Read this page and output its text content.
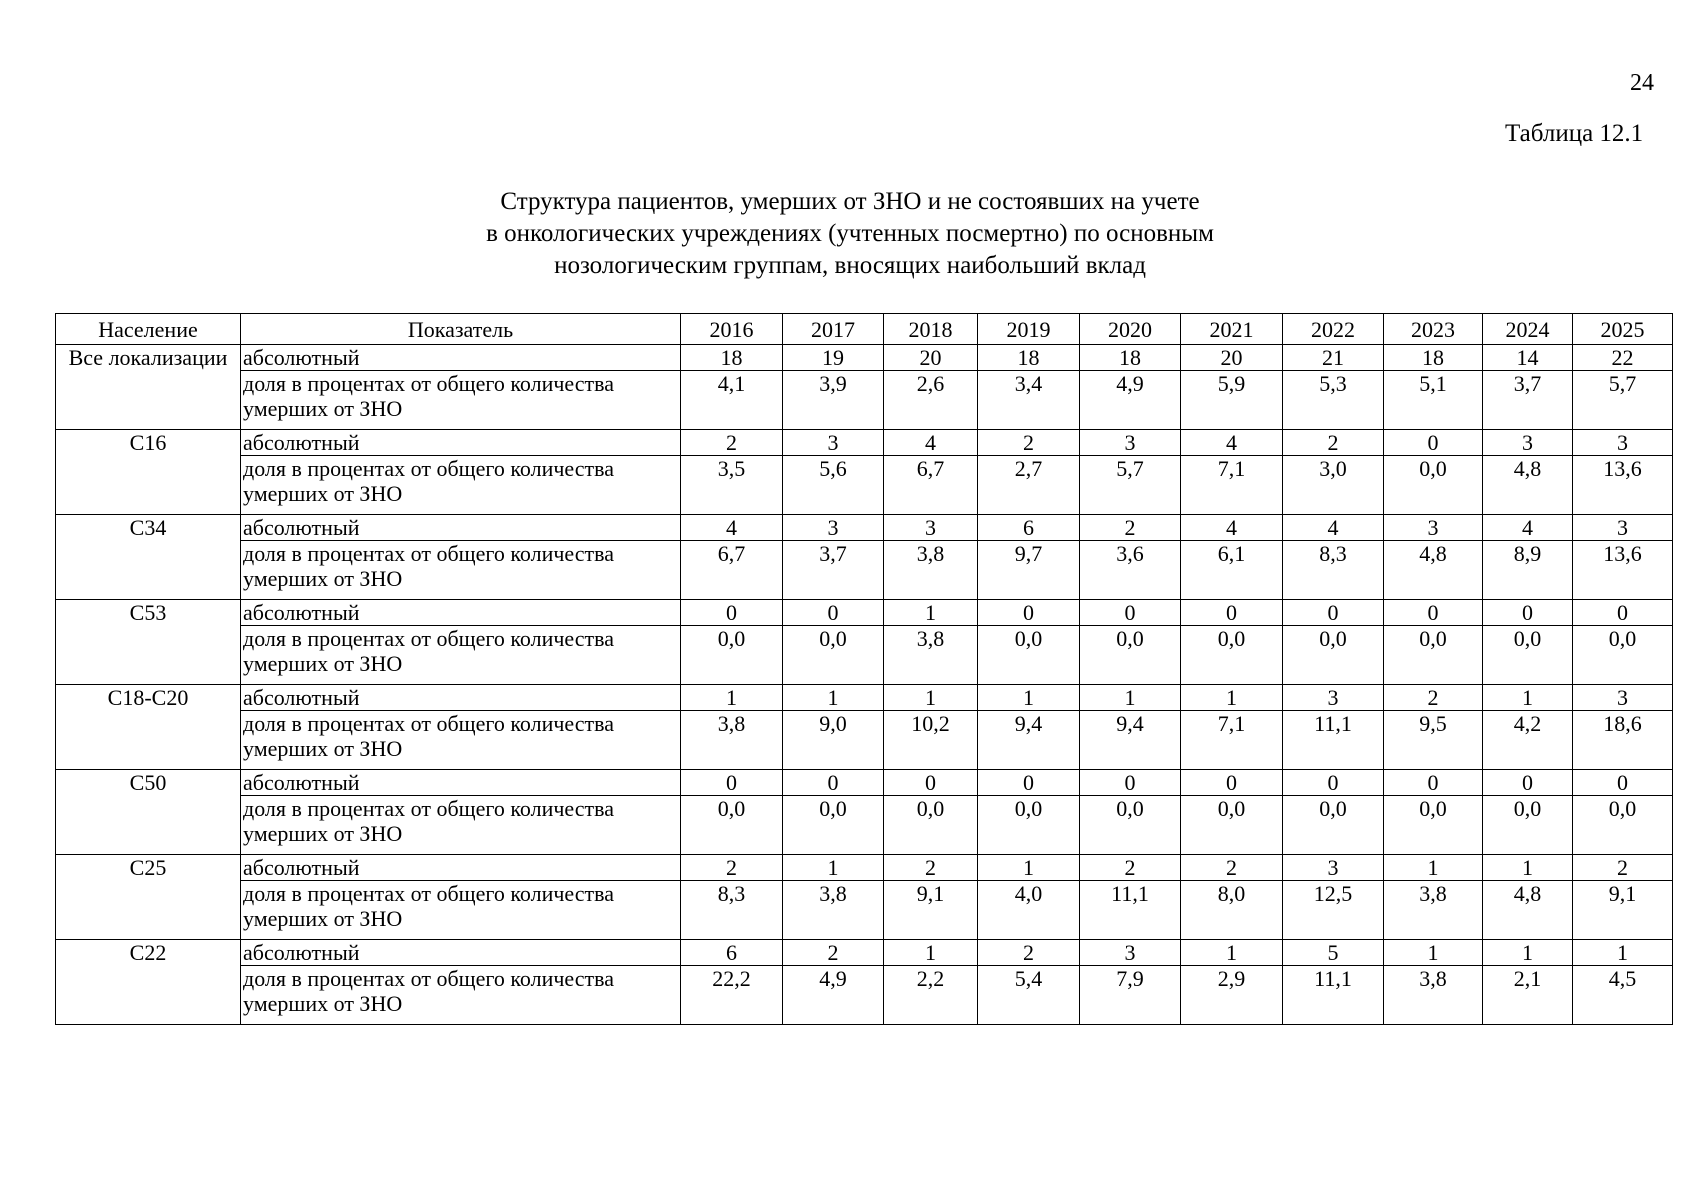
24
Таблица 12.1
Структура пациентов, умерших от ЗНО и не состоявших на учете
в онкологических учреждениях (учтенных посмертно) по основным
нозологическим группам, вносящих наибольший вклад
Население	Показатель	2016	2017	2018	2019	2020	2021	2022	2023	2024	2025
Все локализации	абсолютный	18	19	20	18	18	20	21	18	14	22
	доля в процентах от общего количества умерших от ЗНО	4,1	3,9	2,6	3,4	4,9	5,9	5,3	5,1	3,7	5,7
С16	абсолютный	2	3	4	2	3	4	2	0	3	3
	доля в процентах от общего количества умерших от ЗНО	3,5	5,6	6,7	2,7	5,7	7,1	3,0	0,0	4,8	13,6
С34	абсолютный	4	3	3	6	2	4	4	3	4	3
	доля в процентах от общего количества умерших от ЗНО	6,7	3,7	3,8	9,7	3,6	6,1	8,3	4,8	8,9	13,6
С53	абсолютный	0	0	1	0	0	0	0	0	0	0
	доля в процентах от общего количества умерших от ЗНО	0,0	0,0	3,8	0,0	0,0	0,0	0,0	0,0	0,0	0,0
С18-С20	абсолютный	1	1	1	1	1	1	3	2	1	3
	доля в процентах от общего количества умерших от ЗНО	3,8	9,0	10,2	9,4	9,4	7,1	11,1	9,5	4,2	18,6
С50	абсолютный	0	0	0	0	0	0	0	0	0	0
	доля в процентах от общего количества умерших от ЗНО	0,0	0,0	0,0	0,0	0,0	0,0	0,0	0,0	0,0	0,0
С25	абсолютный	2	1	2	1	2	2	3	1	1	2
	доля в процентах от общего количества умерших от ЗНО	8,3	3,8	9,1	4,0	11,1	8,0	12,5	3,8	4,8	9,1
С22	абсолютный	6	2	1	2	3	1	5	1	1	1
	доля в процентах от общего количества умерших от ЗНО	22,2	4,9	2,2	5,4	7,9	2,9	11,1	3,8	2,1	4,5
